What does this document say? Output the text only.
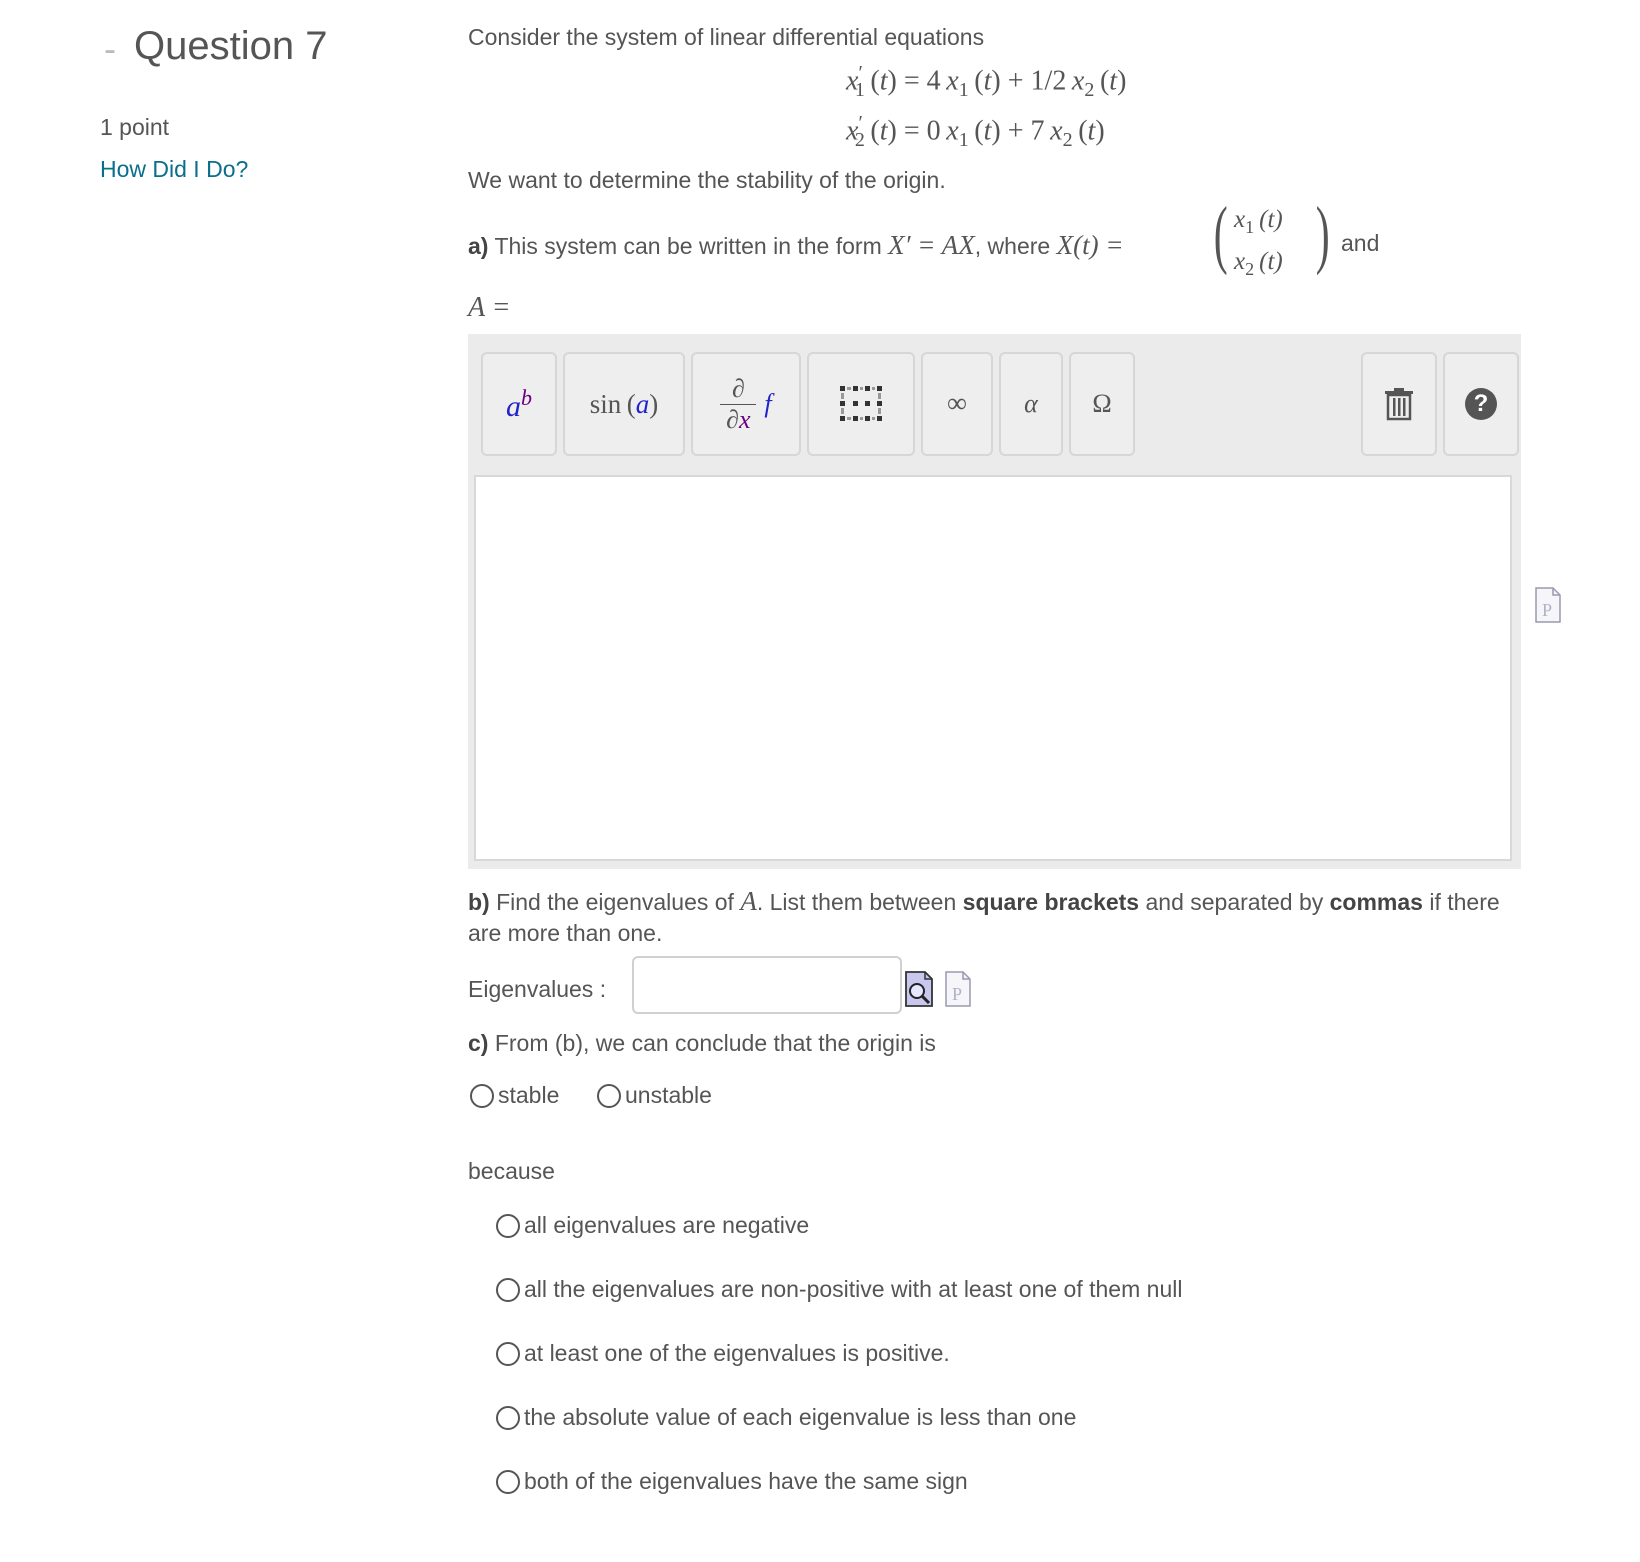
- Question 7
1 point
How Did I Do?
Consider the system of linear differential equations
$x'_1$ (t) = 4 $x_1$ (t) + 1/2 $x_2$ (t)
$x'_2$ (t) = 0 $x_1$ (t) + 7 $x_2$ (t)
We want to determine the stability of the origin.
a) This system can be written in the form X′ = AX, where X(t) = ( $x_1$ (t)
$x_2$ (t) ) and
A =
$a^b$ sin (a)
∂
∂x
f	∞ α Ω	?
P
b) Find the eigenvalues of A. List them between square brackets and separated by commas if there
are more than one.
Eigenvalues :	P
c) From (b), we can conclude that the origin is
stable	unstable
because
all eigenvalues are negative
all the eigenvalues are non-positive with at least one of them null
at least one of the eigenvalues is positive.
the absolute value of each eigenvalue is less than one
both of the eigenvalues have the same sign
